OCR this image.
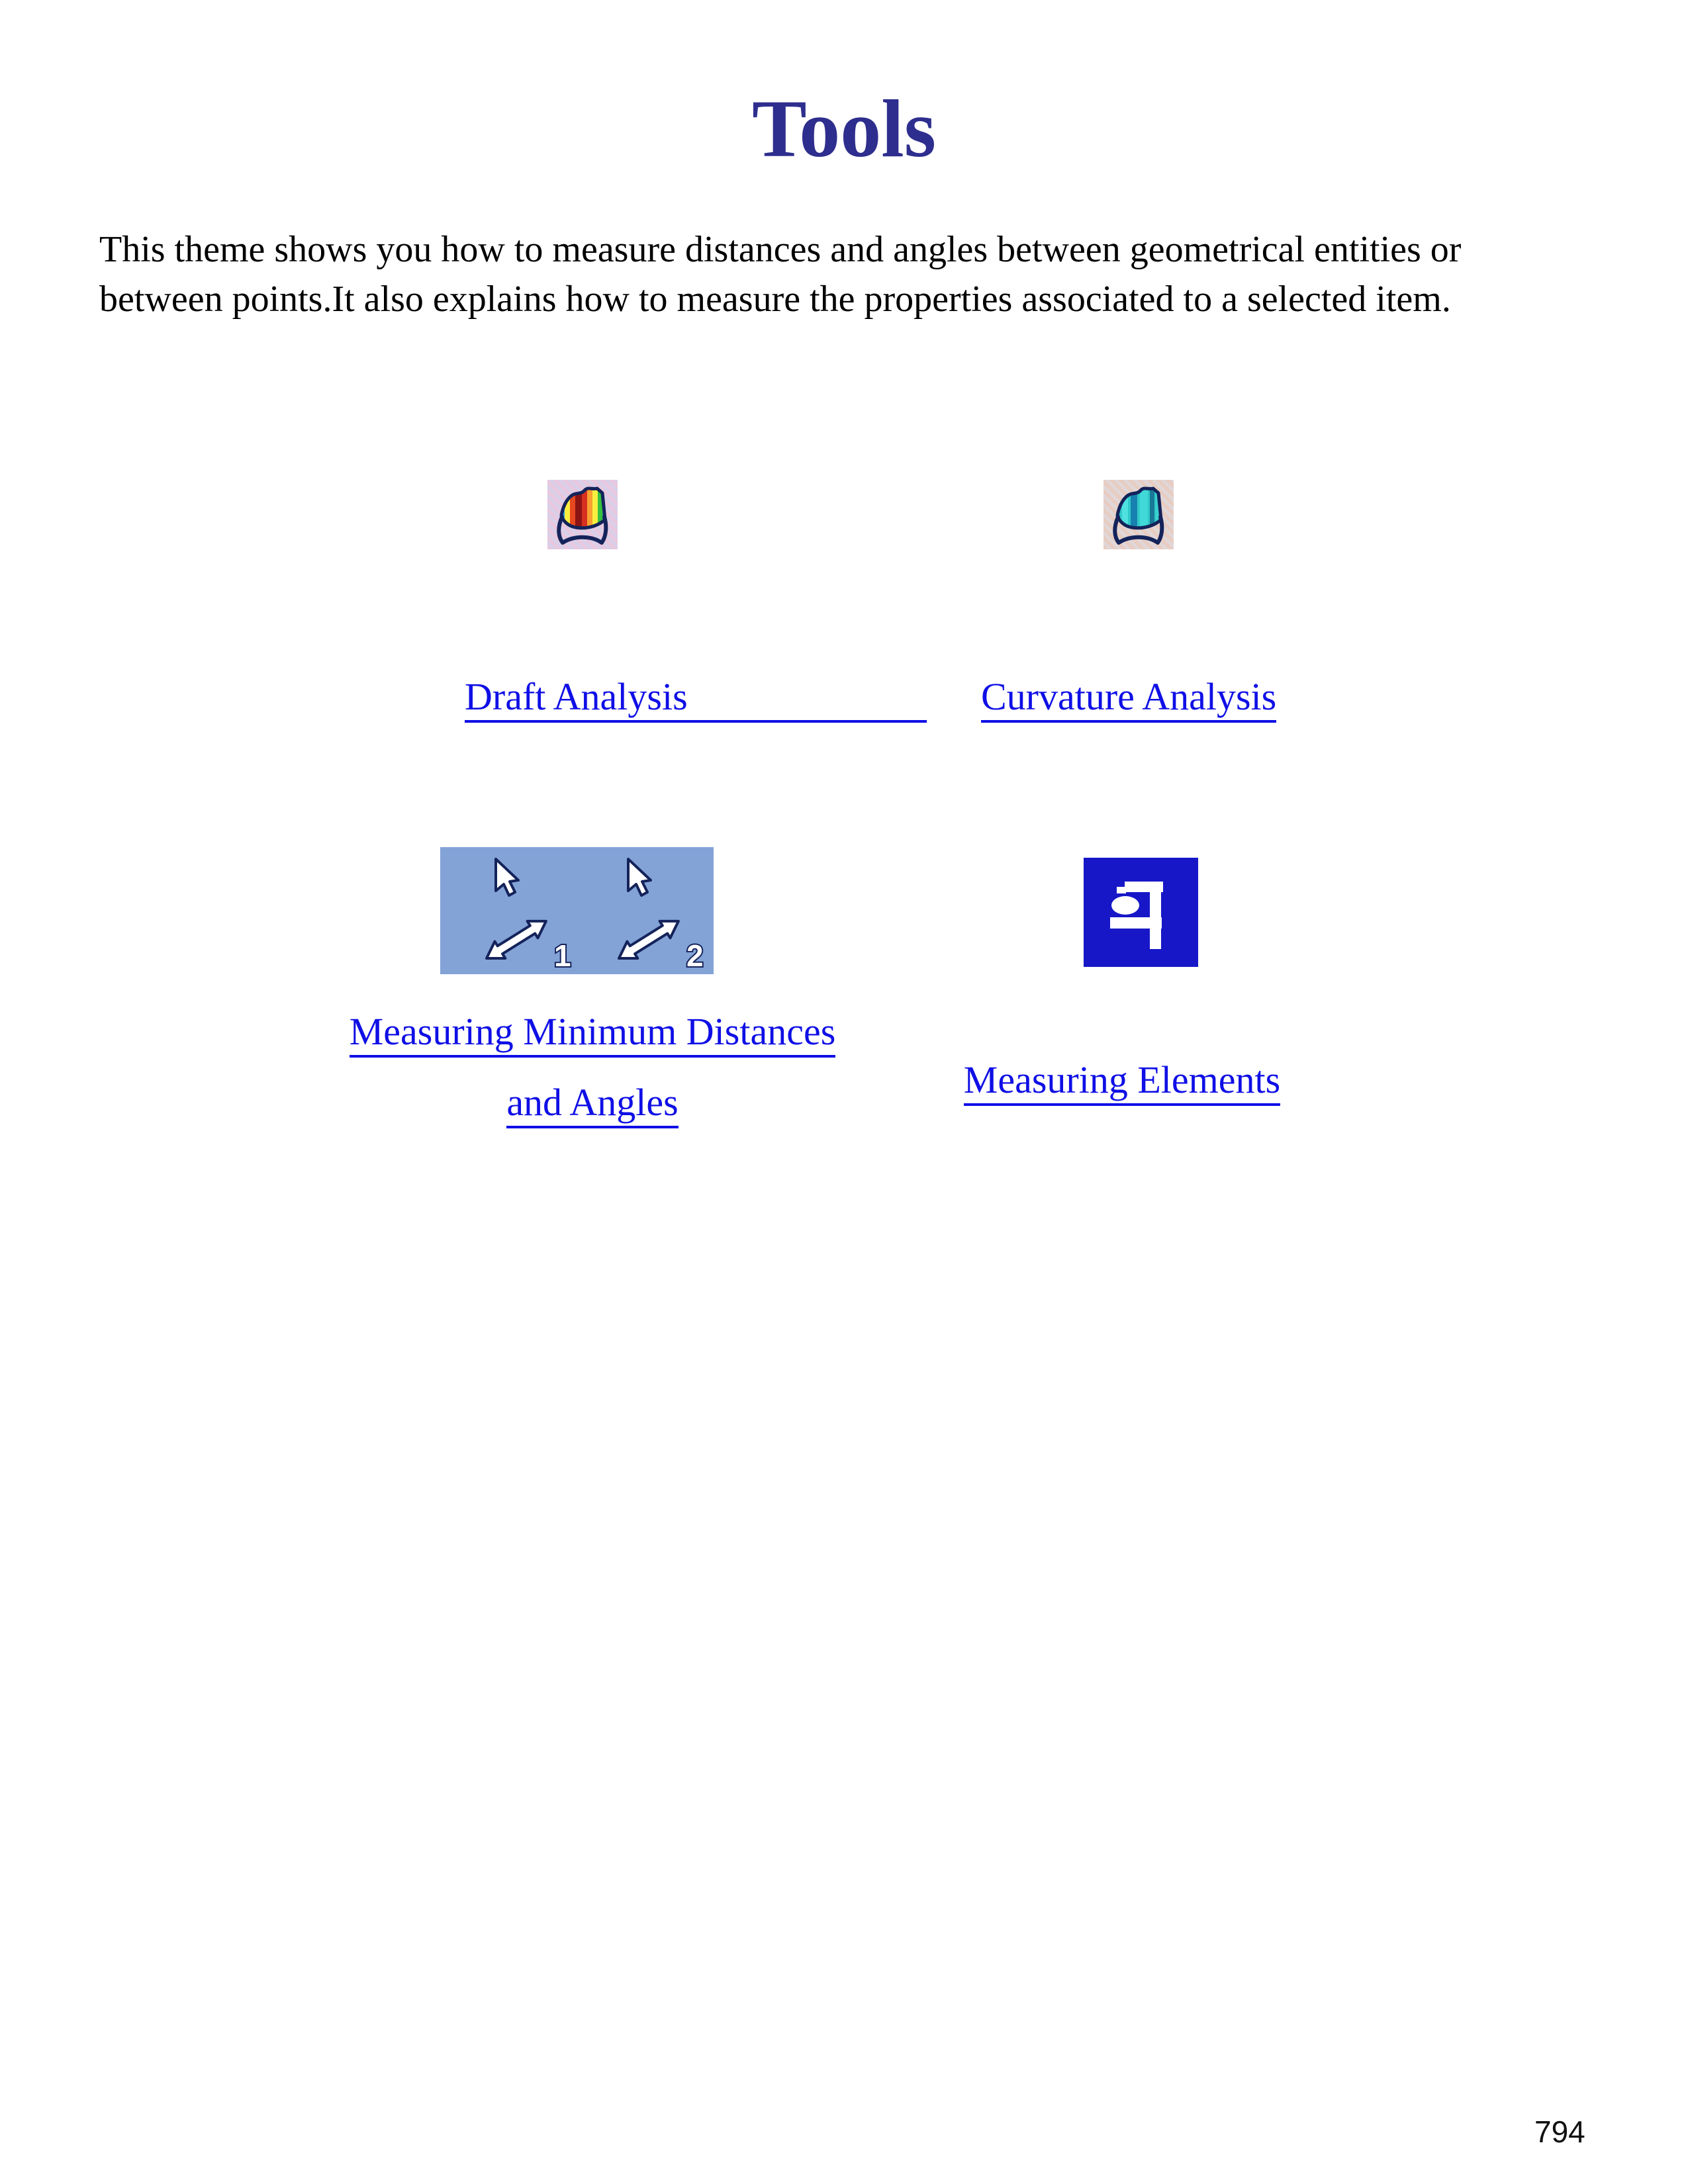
Tools

This theme shows you how to measure distances and angles between geometrical entities or between points.It also explains how to measure the properties associated to a selected item.

Draft Analysis	Curvature Analysis
1	2
Measuring Minimum Distances
and Angles
Measuring Elements
794
